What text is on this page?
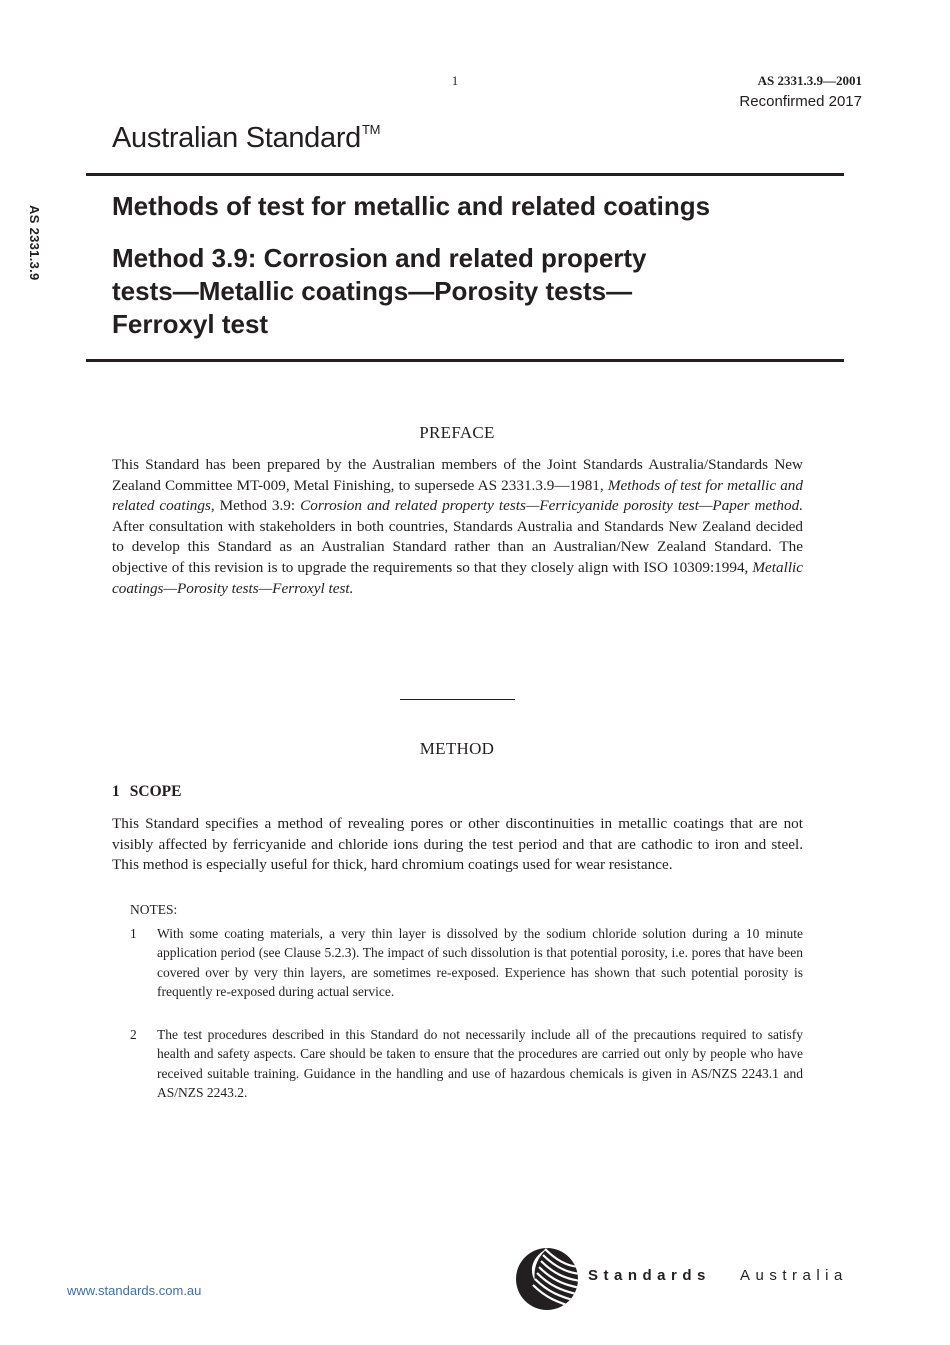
1	AS 2331.3.9—2001
Reconfirmed 2017
Australian Standard™
AS 2331.3.9	Methods of test for metallic and related coatings
Method 3.9: Corrosion and related property
tests—Metallic coatings—Porosity tests—
Ferroxyl test
PREFACE
This Standard has been prepared by the Australian members of the Joint Standards Australia/Standards New Zealand Committee MT-009, Metal Finishing, to supersede AS 2331.3.9—1981, Methods of test for metallic and related coatings, Method 3.9: Corrosion and related property tests—Ferricyanide porosity test—Paper method. After consultation with stakeholders in both countries, Standards Australia and Standards New Zealand decided to develop this Standard as an Australian Standard rather than an Australian/New Zealand Standard. The objective of this revision is to upgrade the requirements so that they closely align with ISO 10309:1994, Metallic coatings—Porosity tests—Ferroxyl test.
METHOD
1 SCOPE
This Standard specifies a method of revealing pores or other discontinuities in metallic coatings that are not visibly affected by ferricyanide and chloride ions during the test period and that are cathodic to iron and steel. This method is especially useful for thick, hard chromium coatings used for wear resistance.
NOTES:
1 With some coating materials, a very thin layer is dissolved by the sodium chloride solution during a 10 minute application period (see Clause 5.2.3). The impact of such dissolution is that potential porosity, i.e. pores that have been covered over by very thin layers, are sometimes re-exposed. Experience has shown that such potential porosity is frequently re-exposed during actual service.
2 The test procedures described in this Standard do not necessarily include all of the precautions required to satisfy health and safety aspects. Care should be taken to ensure that the procedures are carried out only by people who have received suitable training. Guidance in the handling and use of hazardous chemicals is given in AS/NZS 2243.1 and AS/NZS 2243.2.
www.standards.com.au
Standards Australia
